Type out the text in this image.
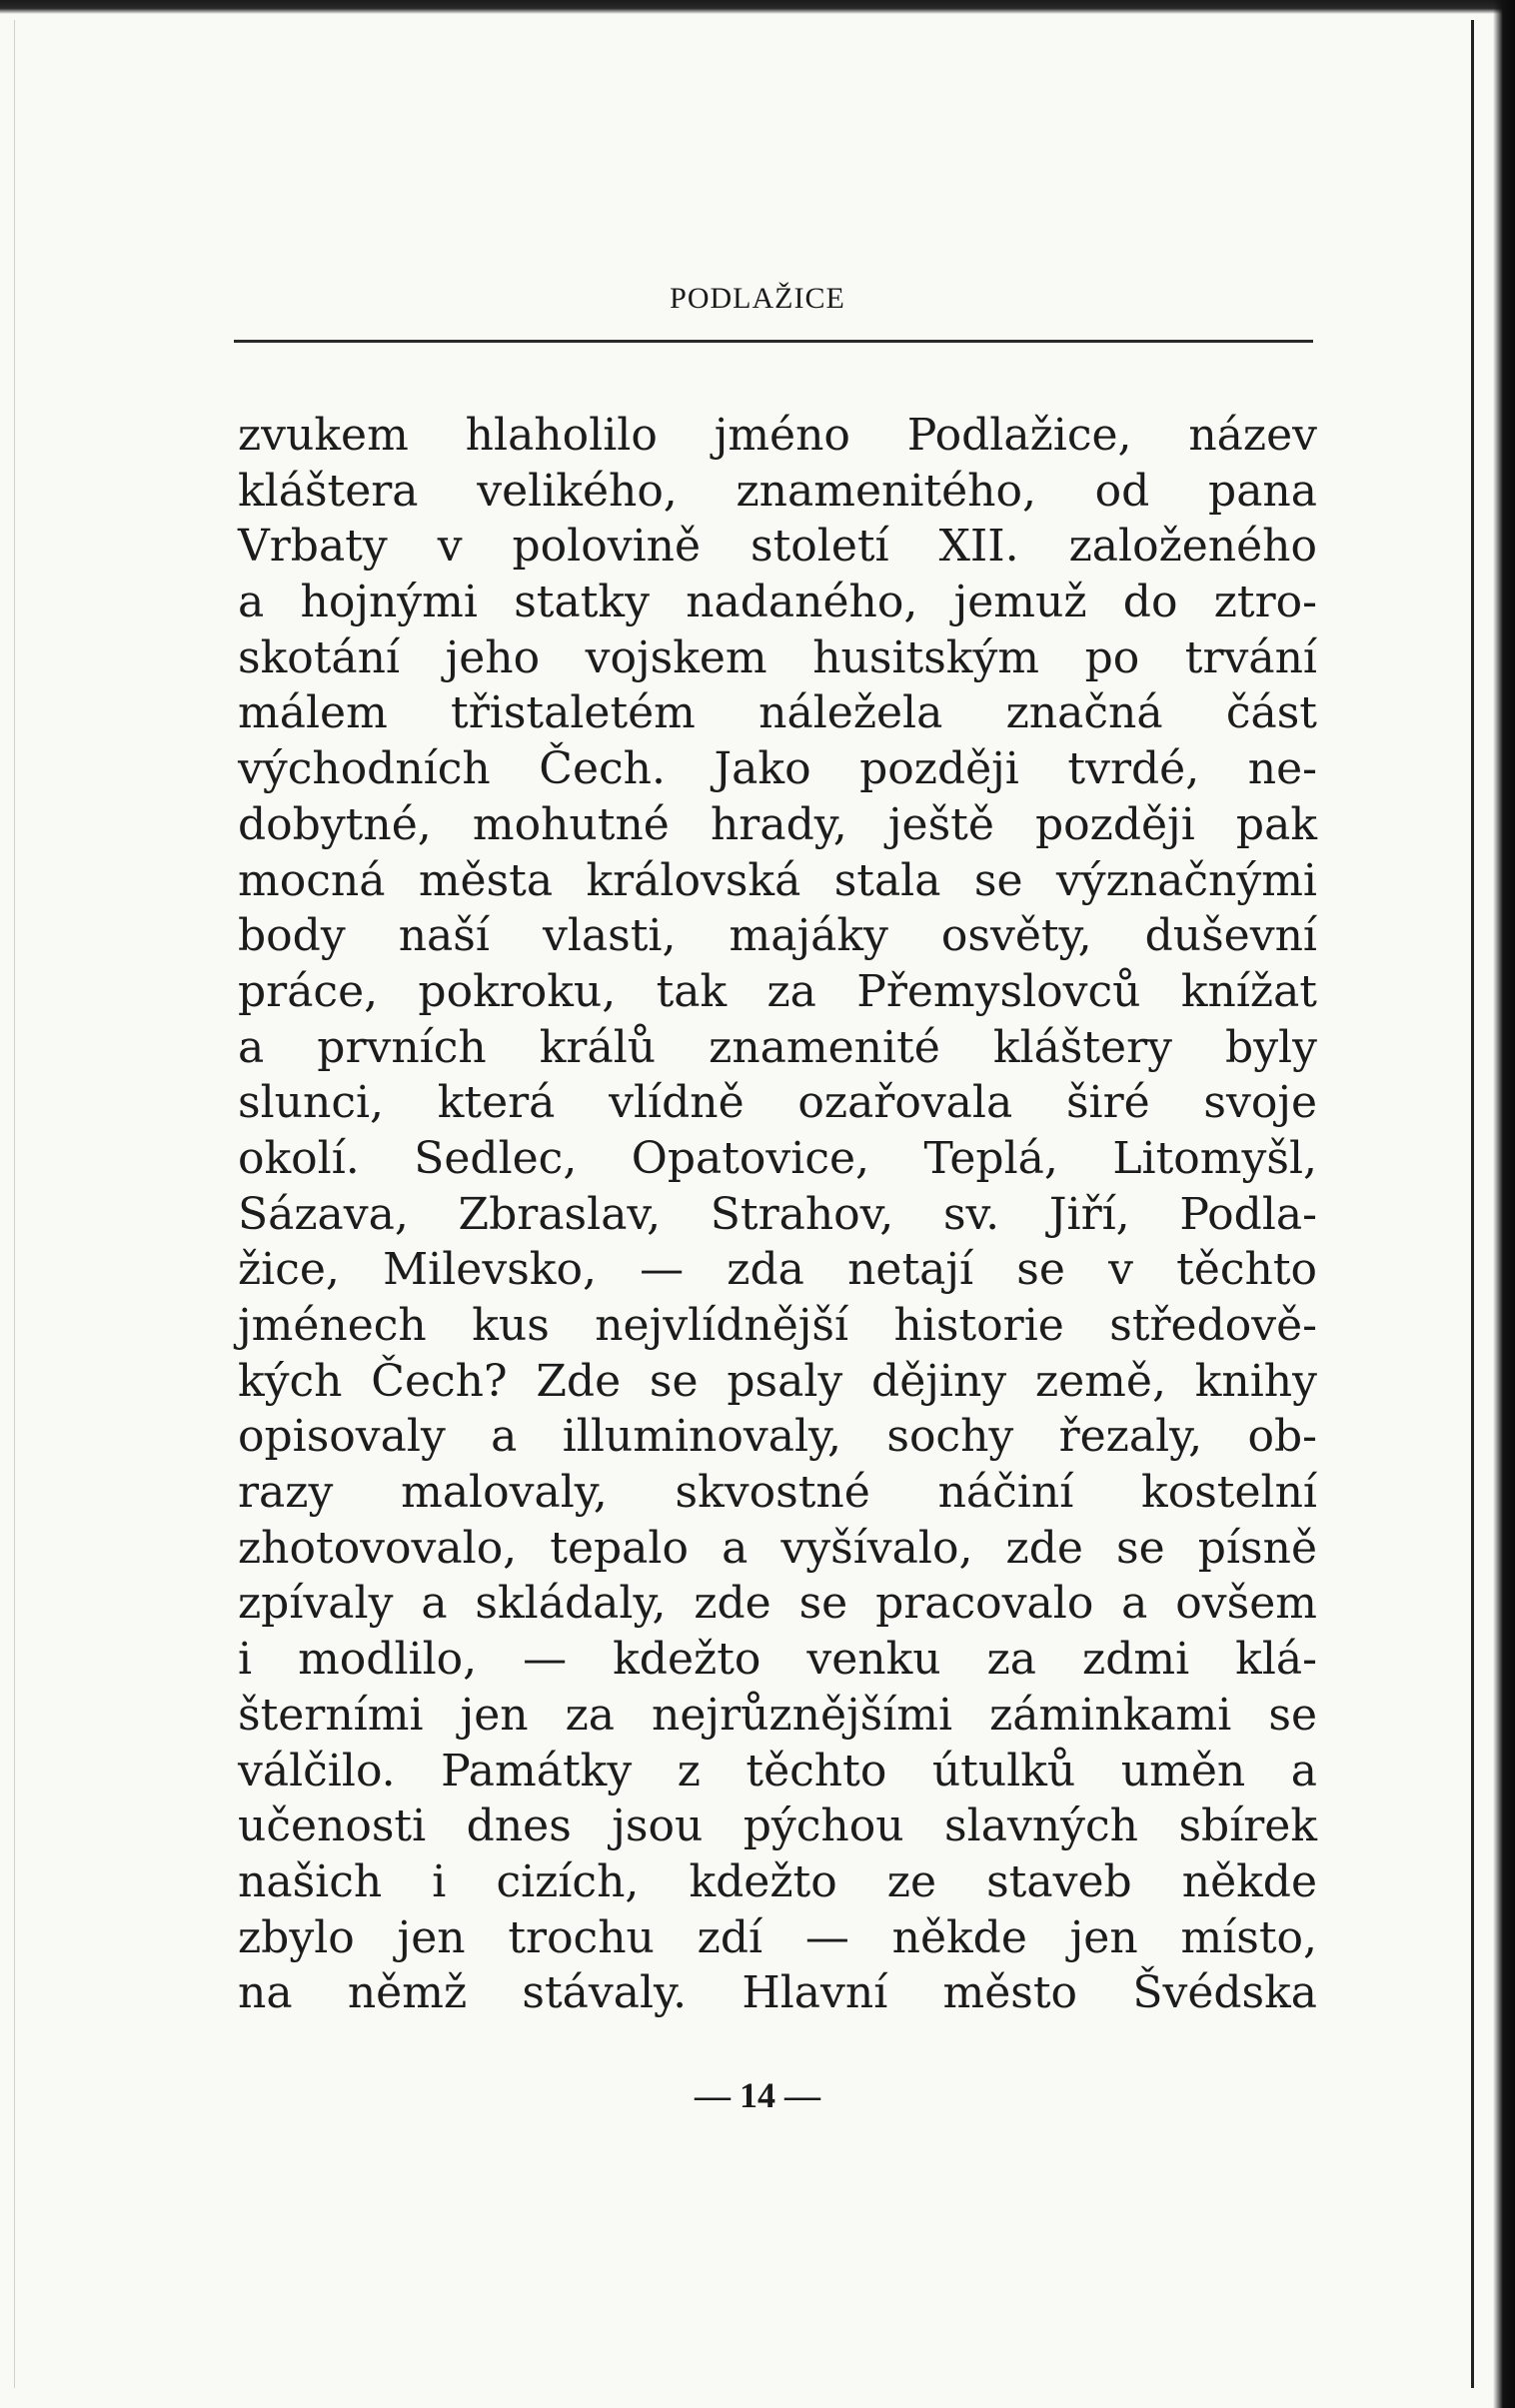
PODLAŽICE
zvukem hlaholilo jméno Podlažice, název
kláštera velikého, znamenitého, od pana
Vrbaty v polovině století XII. založeného
a hojnými statky nadaného, jemuž do ztro-
skotání jeho vojskem husitským po trvání
málem třistaletém náležela značná část
východních Čech. Jako později tvrdé, ne-
dobytné, mohutné hrady, ještě později pak
mocná města královská stala se význačnými
body naší vlasti, majáky osvěty, duševní
práce, pokroku, tak za Přemyslovců knížat
a prvních králů znamenité kláštery byly
slunci, která vlídně ozařovala širé svoje
okolí. Sedlec, Opatovice, Teplá, Litomyšl,
Sázava, Zbraslav, Strahov, sv. Jiří, Podla-
žice, Milevsko, — zda netají se v těchto
jménech kus nejvlídnější historie středově-
kých Čech? Zde se psaly dějiny země, knihy
opisovaly a illuminovaly, sochy řezaly, ob-
razy malovaly, skvostné náčiní kostelní
zhotovovalo, tepalo a vyšívalo, zde se písně
zpívaly a skládaly, zde se pracovalo a ovšem
i modlilo, — kdežto venku za zdmi klá-
šterními jen za nejrůznějšími záminkami se
válčilo. Památky z těchto útulků uměn a
učenosti dnes jsou pýchou slavných sbírek
našich i cizích, kdežto ze staveb někde
zbylo jen trochu zdí — někde jen místo,
na němž stávaly. Hlavní město Švédska
— 14 —
